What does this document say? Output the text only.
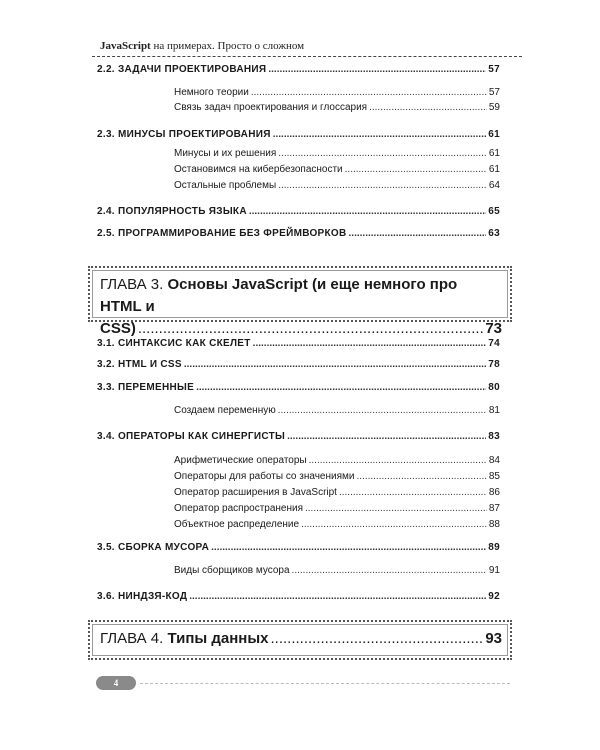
JavaScript на примерах. Просто о сложном
2.2. ЗАДАЧИ ПРОЕКТИРОВАНИЯ .....	57
Немного теории .....	57
Связь задач проектирования и глоссария .....	59
2.3. МИНУСЫ ПРОЕКТИРОВАНИЯ .....	61
Минусы и их решения .....	61
Остановимся на кибербезопасности .....	61
Остальные проблемы .....	64
2.4. ПОПУЛЯРНОСТЬ ЯЗЫКА .....	65
2.5. ПРОГРАММИРОВАНИЕ БЕЗ ФРЕЙМВОРКОВ .....	63
ГЛАВА 3. Основы JavaScript (и еще немного про HTML и
CSS) .....	73
3.1. СИНТАКСИС КАК СКЕЛЕТ .....	74
3.2. HTML И CSS .....	78
3.3. ПЕРЕМЕННЫЕ .....	80
Создаем переменную .....	81
3.4. ОПЕРАТОРЫ КАК СИНЕРГИСТЫ .....	83
Арифметические операторы .....	84
Операторы для работы со значениями .....	85
Оператор расширения в JavaScript .....	86
Оператор распространения .....	87
Объектное распределение .....	88
3.5. СБОРКА МУСОРА .....	89
Виды сборщиков мусора .....	91
3.6. НИНДЗЯ-КОД .....	92
ГЛАВА 4.
Типы данных .....	93
4
